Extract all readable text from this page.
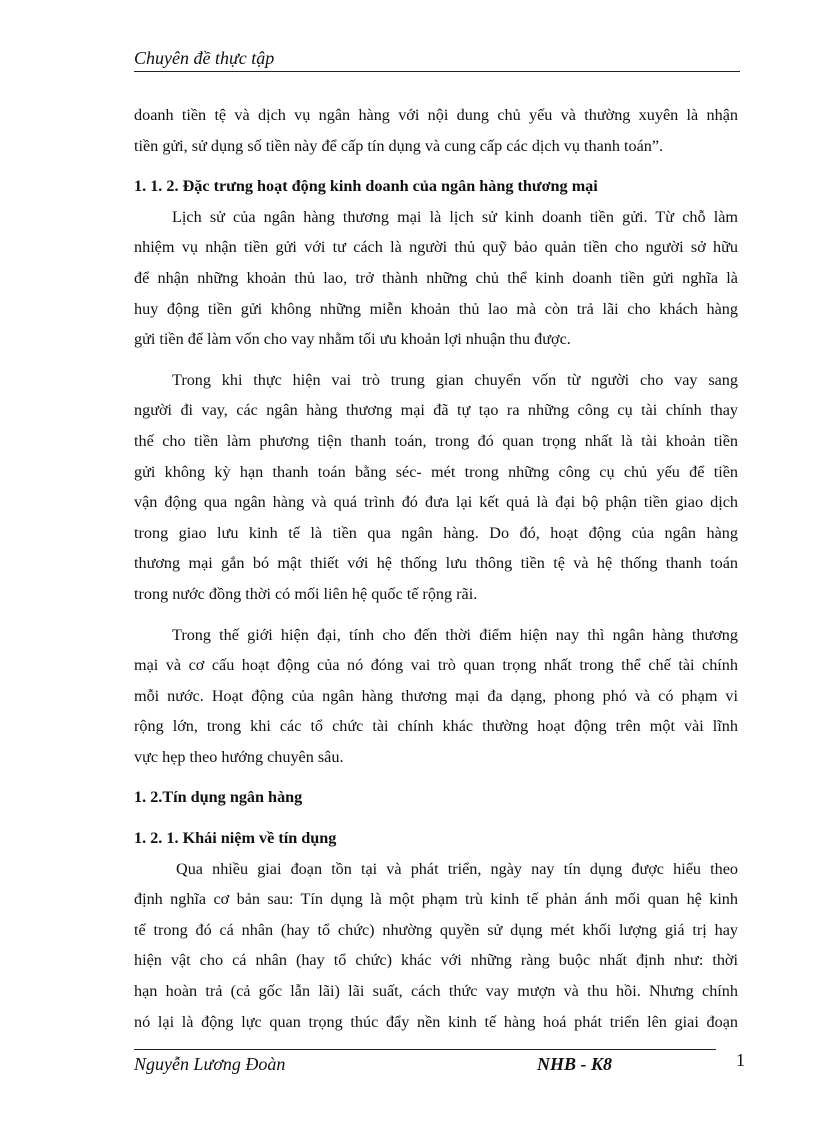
Chuyên đề thực tập
doanh tiền tệ và dịch vụ ngân hàng với nội dung chủ yếu và thường xuyên là nhận
tiền gửi, sử dụng số tiền này để cấp tín dụng và cung cấp các dịch vụ thanh toán”.
1. 1. 2. Đặc trưng hoạt động kinh doanh của ngân hàng thương mại
Lịch sử của ngân hàng thương mại là lịch sử kinh doanh tiền gửi. Từ chỗ làm
nhiệm vụ nhận tiền gửi với tư cách là người thủ quỹ bảo quản tiền cho người sở hữu
để nhận những khoản thủ lao, trở thành những chủ thể kinh doanh tiền gửi nghĩa là
huy động tiền gửi không những miễn khoản thủ lao mà còn trả lãi cho khách hàng
gửi tiền để làm vốn cho vay nhằm tối ưu khoản lợi nhuận thu được.
Trong khi thực hiện vai trò trung gian chuyển vốn từ người cho vay sang
người đi vay, các ngân hàng thương mại đã tự tạo ra những công cụ tài chính thay
thế cho tiền làm phương tiện thanh toán, trong đó quan trọng nhất là tài khoản tiền
gửi không kỳ hạn thanh toán bằng séc- mét trong những công cụ chủ yếu để tiền
vận động qua ngân hàng và quá trình đó đưa lại kết quả là đại bộ phận tiền giao dịch
trong giao lưu kinh tế là tiền qua ngân hàng. Do đó, hoạt động của ngân hàng
thương mại gắn bó mật thiết với hệ thống lưu thông tiền tệ và hệ thống thanh toán
trong nước đồng thời có mối liên hệ quốc tế rộng rãi.
Trong thế giới hiện đại, tính cho đến thời điểm hiện nay thì ngân hàng thương
mại và cơ cấu hoạt động của nó đóng vai trò quan trọng nhất trong thể chế tài chính
mỗi nước. Hoạt động của ngân hàng thương mại đa dạng, phong phó và có phạm vi
rộng lớn, trong khi các tổ chức tài chính khác thường hoạt động trên một vài lĩnh
vực hẹp theo hướng chuyên sâu.
1. 2.Tín dụng ngân hàng
1. 2. 1. Khái niệm về tín dụng
Qua nhiều giai đoạn tồn tại và phát triển, ngày nay tín dụng được hiểu theo
định nghĩa cơ bản sau: Tín dụng là một phạm trù kinh tế phản ánh mối quan hệ kinh
tế trong đó cá nhân (hay tổ chức) nhường quyền sử dụng mét khối lượng giá trị hay
hiện vật cho cá nhân (hay tổ chức) khác với những ràng buộc nhất định như: thời
hạn hoàn trả (cả gốc lẫn lãi) lãi suất, cách thức vay mượn và thu hồi. Nhưng chính
nó lại là động lực quan trọng thúc đẩy nền kinh tế hàng hoá phát triển lên giai đoạn
Nguyễn Lương Đoàn	NHB - K8	1
